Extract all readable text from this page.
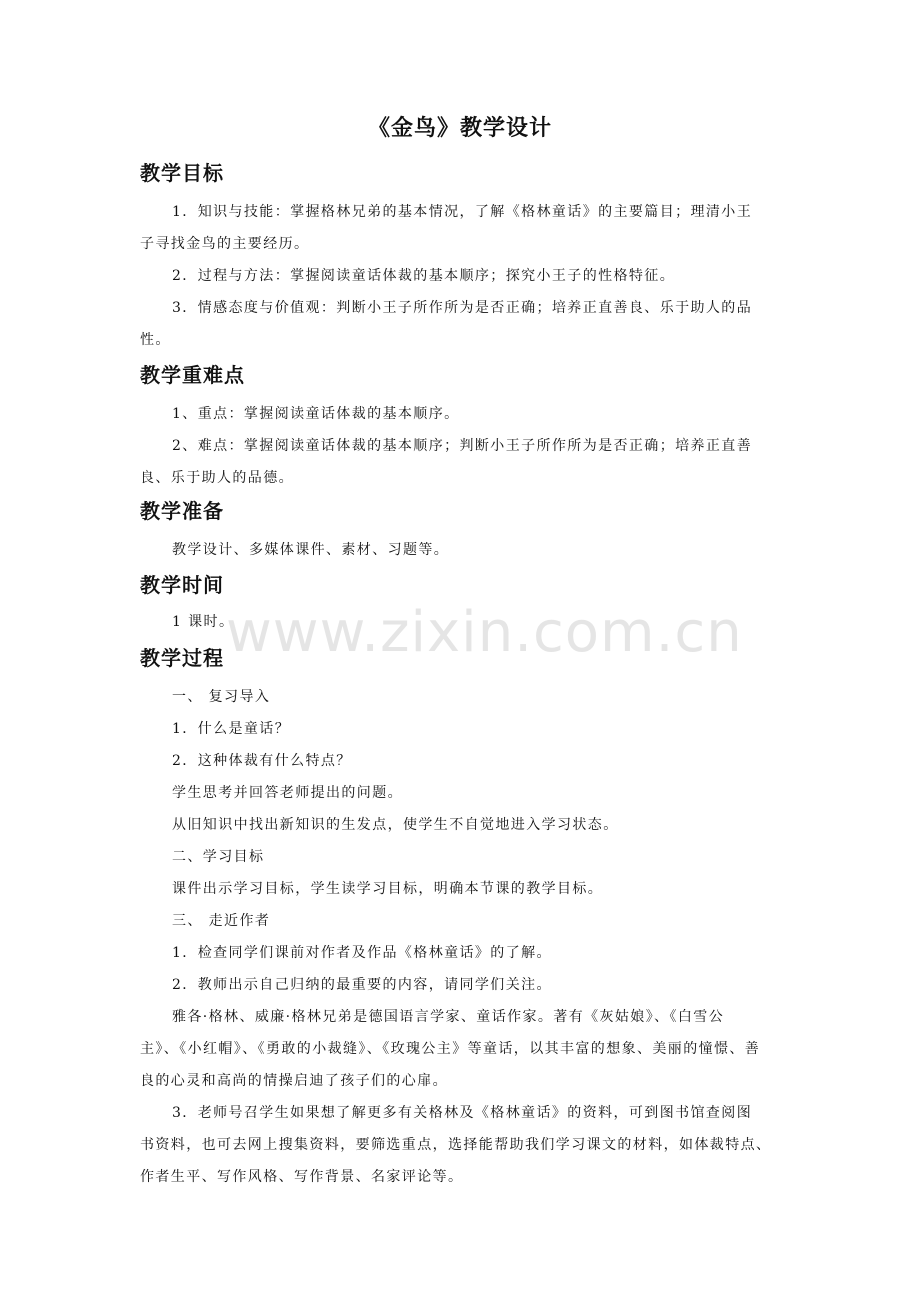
《金鸟》教学设计
教学目标
1．知识与技能：掌握格林兄弟的基本情况，了解《格林童话》的主要篇目；理清小王
子寻找金鸟的主要经历。
2．过程与方法：掌握阅读童话体裁的基本顺序；探究小王子的性格特征。
3．情感态度与价值观：判断小王子所作所为是否正确；培养正直善良、乐于助人的品
性。
教学重难点
1、重点：掌握阅读童话体裁的基本顺序。
2、难点：掌握阅读童话体裁的基本顺序；判断小王子所作所为是否正确；培养正直善
良、乐于助人的品德。
教学准备
教学设计、多媒体课件、素材、习题等。
教学时间
1 课时。
教学过程
一、 复习导入
1．什么是童话？
2．这种体裁有什么特点？
学生思考并回答老师提出的问题。
从旧知识中找出新知识的生发点，使学生不自觉地进入学习状态。
二、学习目标
课件出示学习目标，学生读学习目标，明确本节课的教学目标。
三、 走近作者
1．检查同学们课前对作者及作品《格林童话》的了解。
2．教师出示自己归纳的最重要的内容，请同学们关注。
雅各·格林、威廉·格林兄弟是德国语言学家、童话作家。著有《灰姑娘》、《白雪公
主》、《小红帽》、《勇敢的小裁缝》、《玫瑰公主》等童话，以其丰富的想象、美丽的憧憬、善
良的心灵和高尚的情操启迪了孩子们的心扉。
3．老师号召学生如果想了解更多有关格林及《格林童话》的资料，可到图书馆查阅图
书资料，也可去网上搜集资料，要筛选重点，选择能帮助我们学习课文的材料，如体裁特点、
作者生平、写作风格、写作背景、名家评论等。
www.zixin.com.cn
